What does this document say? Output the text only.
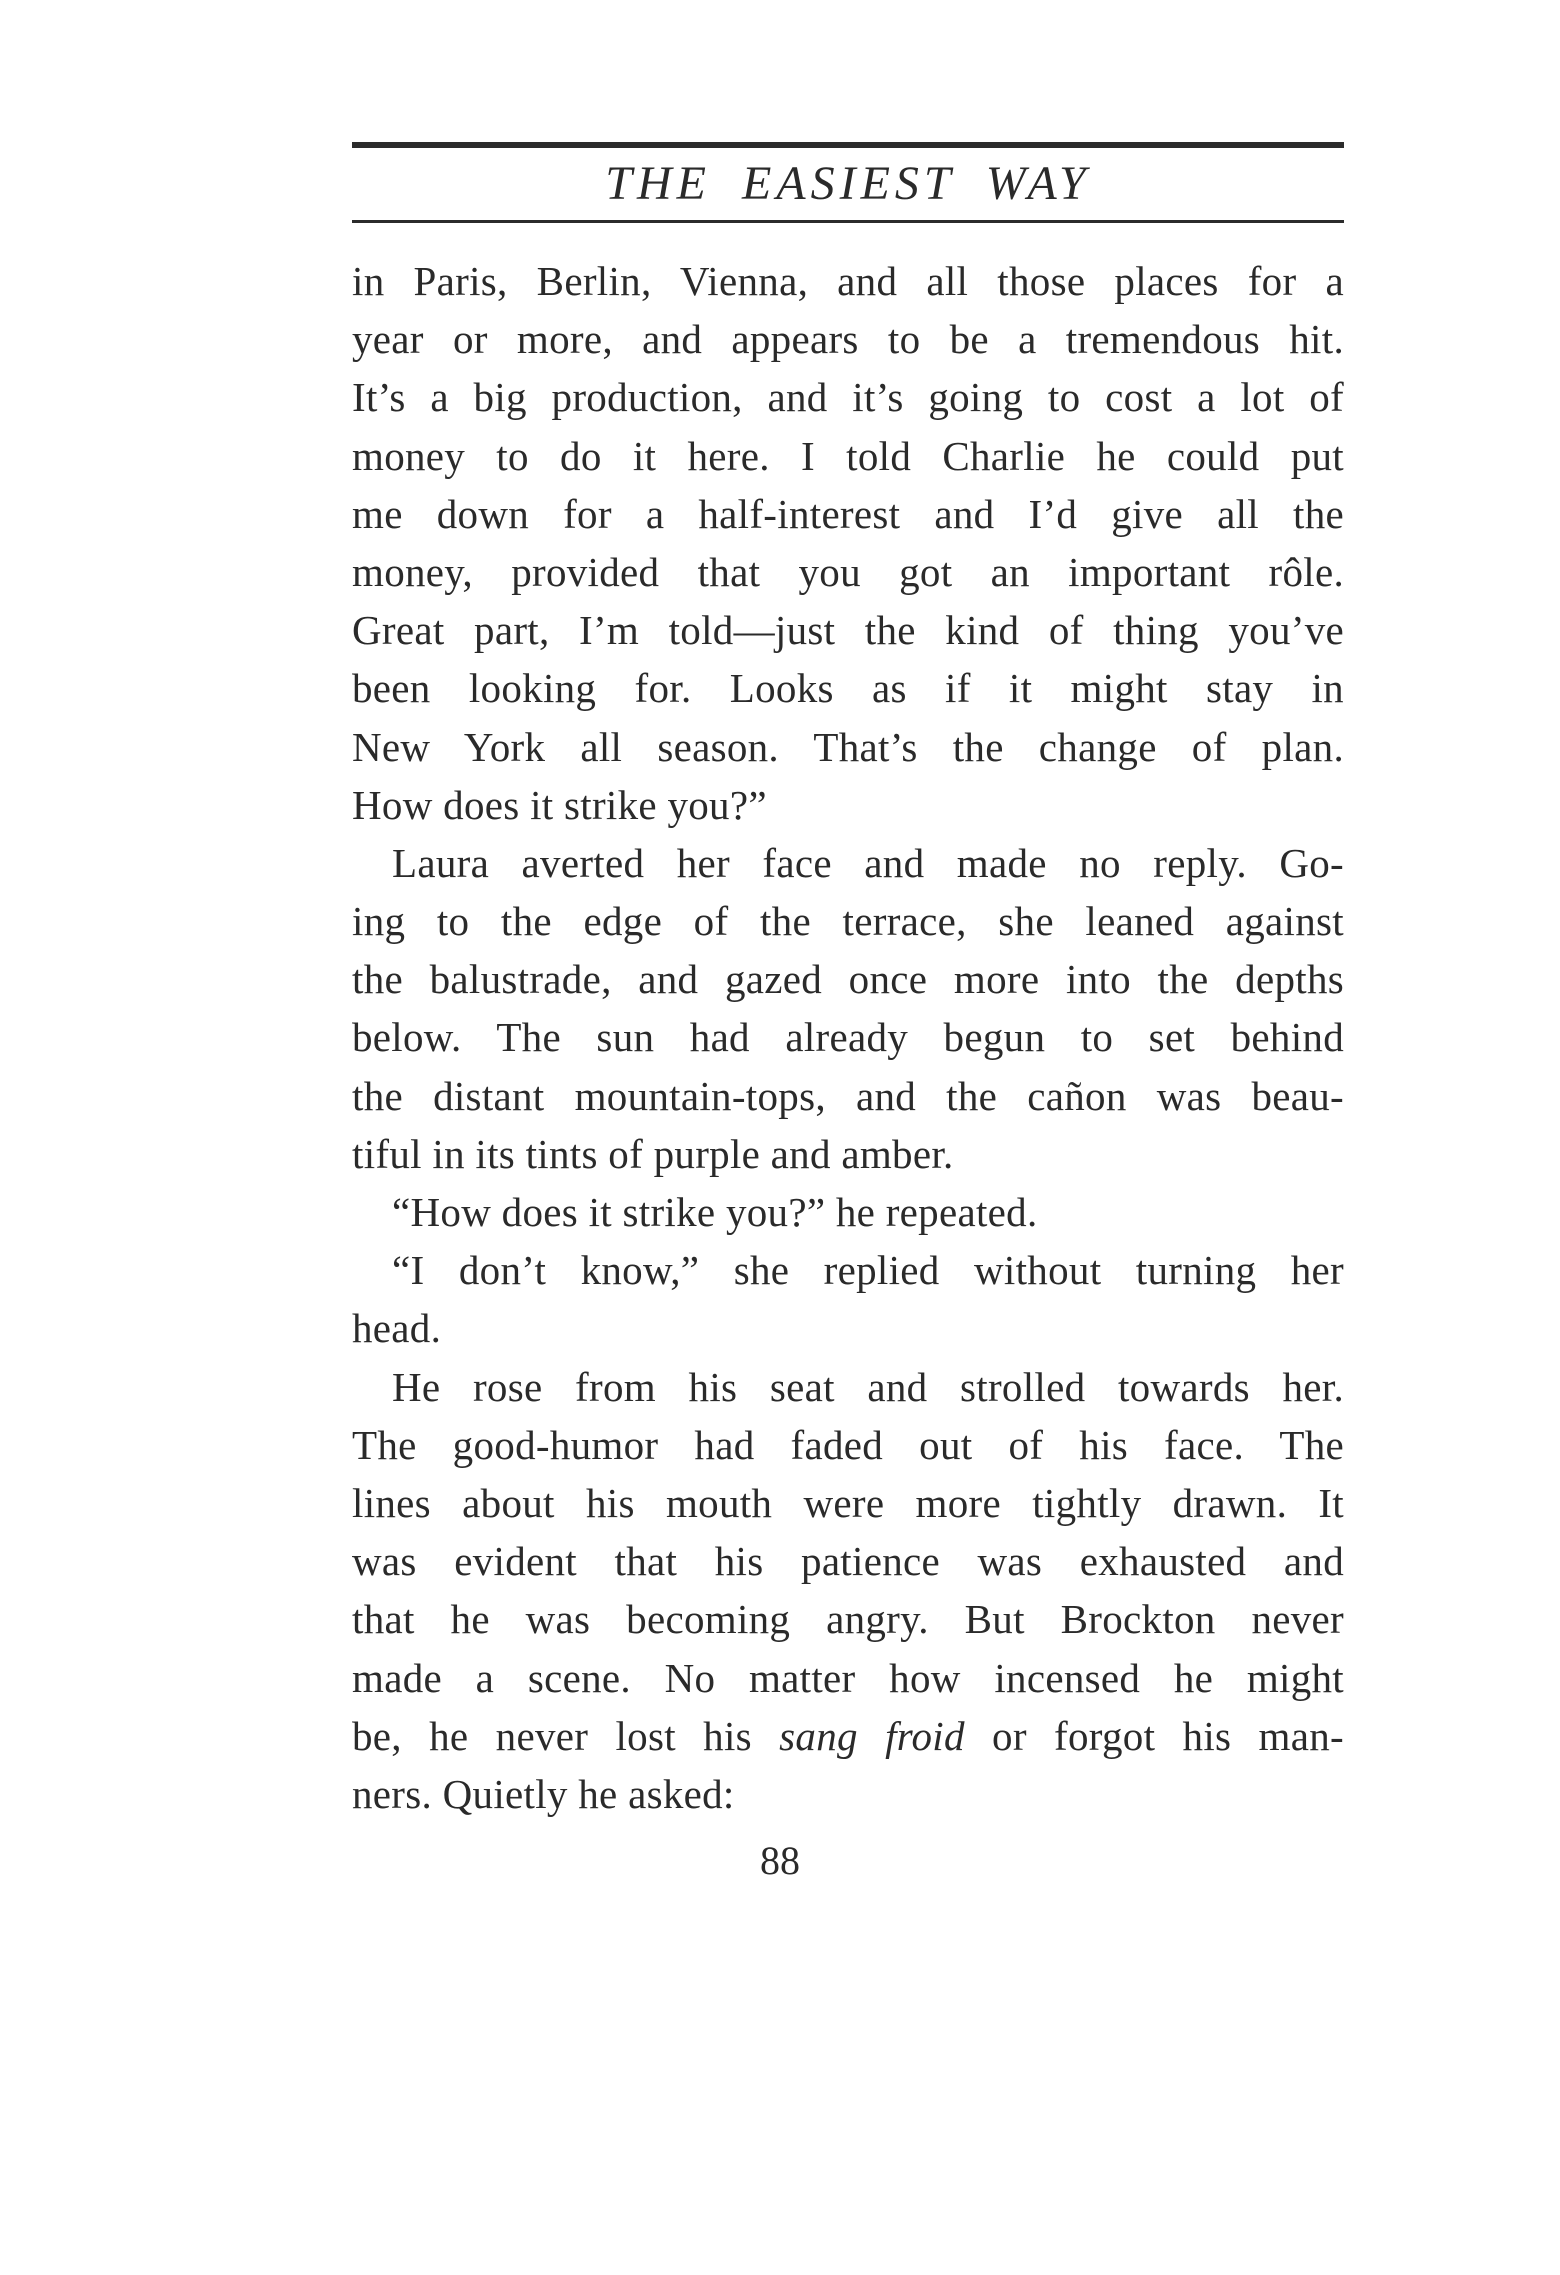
THE EASIEST WAY
in Paris, Berlin, Vienna, and all those places for a
year or more, and appears to be a tremendous hit.
It’s a big production, and it’s going to cost a lot of
money to do it here. I told Charlie he could put
me down for a half-interest and I’d give all the
money, provided that you got an important rôle.
Great part, I’m told—just the kind of thing you’ve
been looking for. Looks as if it might stay in
New York all season. That’s the change of plan.
How does it strike you?”
Laura averted her face and made no reply. Go-
ing to the edge of the terrace, she leaned against
the balustrade, and gazed once more into the depths
below. The sun had already begun to set behind
the distant mountain-tops, and the cañon was beau-
tiful in its tints of purple and amber.
“How does it strike you?” he repeated.
“I don’t know,” she replied without turning her
head.
He rose from his seat and strolled towards her.
The good-humor had faded out of his face. The
lines about his mouth were more tightly drawn. It
was evident that his patience was exhausted and
that he was becoming angry. But Brockton never
made a scene. No matter how incensed he might
be, he never lost his sang froid or forgot his man-
ners. Quietly he asked:
88
